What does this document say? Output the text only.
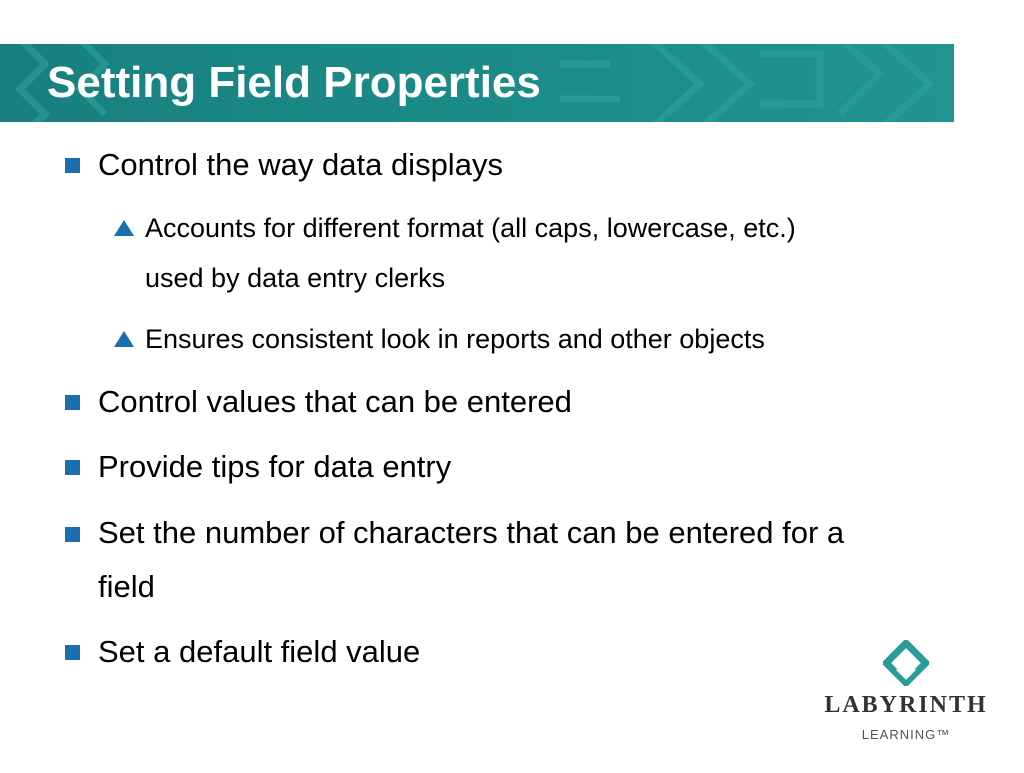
Setting Field Properties
Control the way data displays
Accounts for different format (all caps, lowercase, etc.)
used by data entry clerks
Ensures consistent look in reports and other objects
Control values that can be entered
Provide tips for data entry
Set the number of characters that can be entered for a
field
Set a default field value
LABYRINTH
LEARNING™
